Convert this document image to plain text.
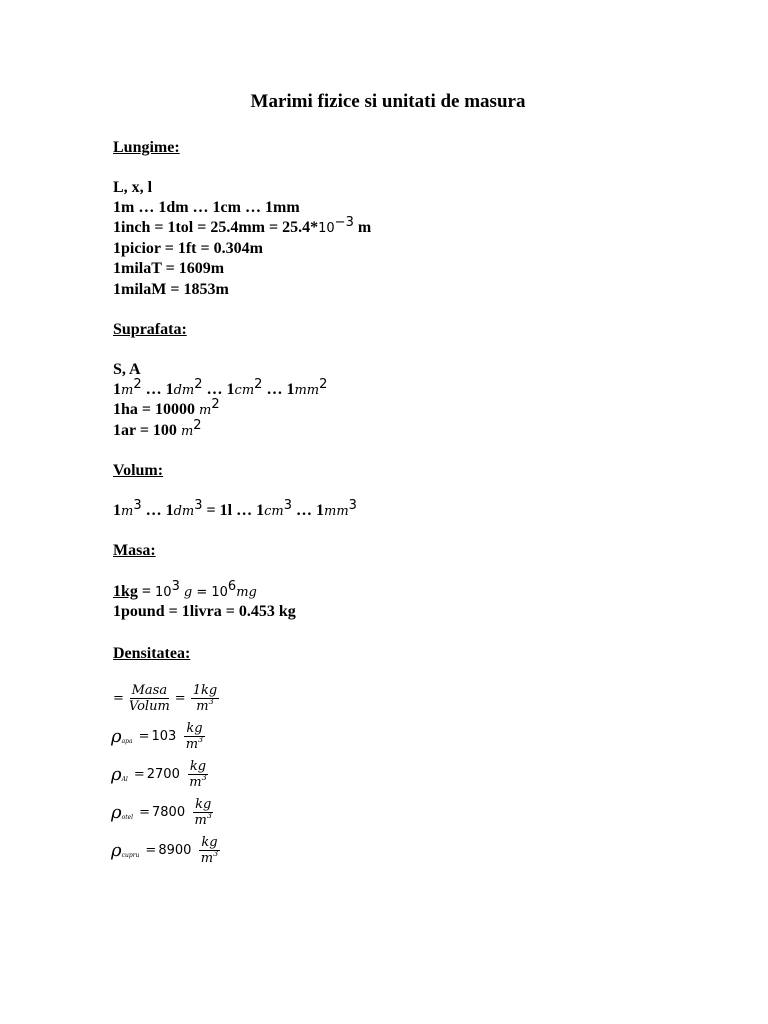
Marimi fizice si unitati de masura
Lungime:
L, x, l
1m … 1dm … 1cm … 1mm
1inch = $1tol = 25.4mm = 25.4*10^{-3}$ m
1picior = 1ft = 0.304m
1milaT = 1609m
1milaM = 1853m
Suprafata:
S, A
$1m^2$ … $1dm^2$ … $1cm^2$ … $1mm^2$
1ha = 10000 $m^2$
1ar = 100 $m^2$
Volum:
$1m^3$ … $1dm^3 = 1l$ … $1cm^3$ … $1mm^3$
Masa:
$1kg = 10^3$ $g = 10^6mg$
1pound = 1livra = 0.453 kg
Densitatea:
= $\frac{\text{Masa}}{\text{Volum}} = \frac{1kg}{m^3}$
ρ apa = 10 $3 \frac{kg}{m^3}$
ρ $Al = 2700 \frac{kg}{m^3}$
ρ otel = $7800 \frac{kg}{m^3}$
ρ cupru = $8900 \frac{kg}{m^3}$
